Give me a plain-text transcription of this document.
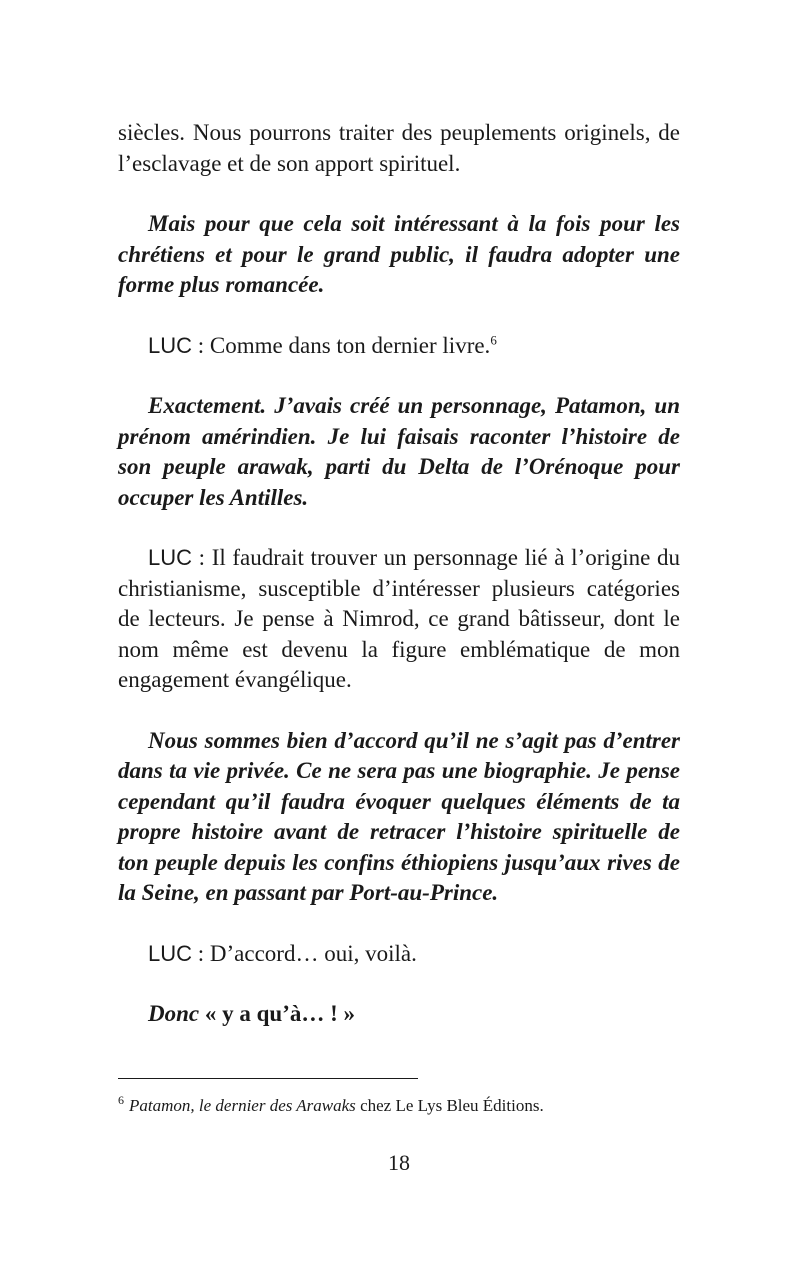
siècles. Nous pourrons traiter des peuplements originels, de l’esclavage et de son apport spirituel.

Mais pour que cela soit intéressant à la fois pour les chrétiens et pour le grand public, il faudra adopter une forme plus romancée.

LUC : Comme dans ton dernier livre.$^6$

Exactement. J’avais créé un personnage, Patamon, un prénom amérindien. Je lui faisais raconter l’histoire de son peuple arawak, parti du Delta de l’Orénoque pour occuper les Antilles.

LUC : Il faudrait trouver un personnage lié à l’origine du christianisme, susceptible d’intéresser plusieurs catégories de lecteurs. Je pense à Nimrod, ce grand bâtisseur, dont le nom même est devenu la figure emblématique de mon engagement évangélique.

Nous sommes bien d’accord qu’il ne s’agit pas d’entrer dans ta vie privée. Ce ne sera pas une biographie. Je pense cependant qu’il faudra évoquer quelques éléments de ta propre histoire avant de retracer l’histoire spirituelle de ton peuple depuis les confins éthiopiens jusqu’aux rives de la Seine, en passant par Port-au-Prince.

LUC : D’accord… oui, voilà.

Donc « y a qu’à… ! »

$^6$ Patamon, le dernier des Arawaks chez Le Lys Bleu Éditions.
18
